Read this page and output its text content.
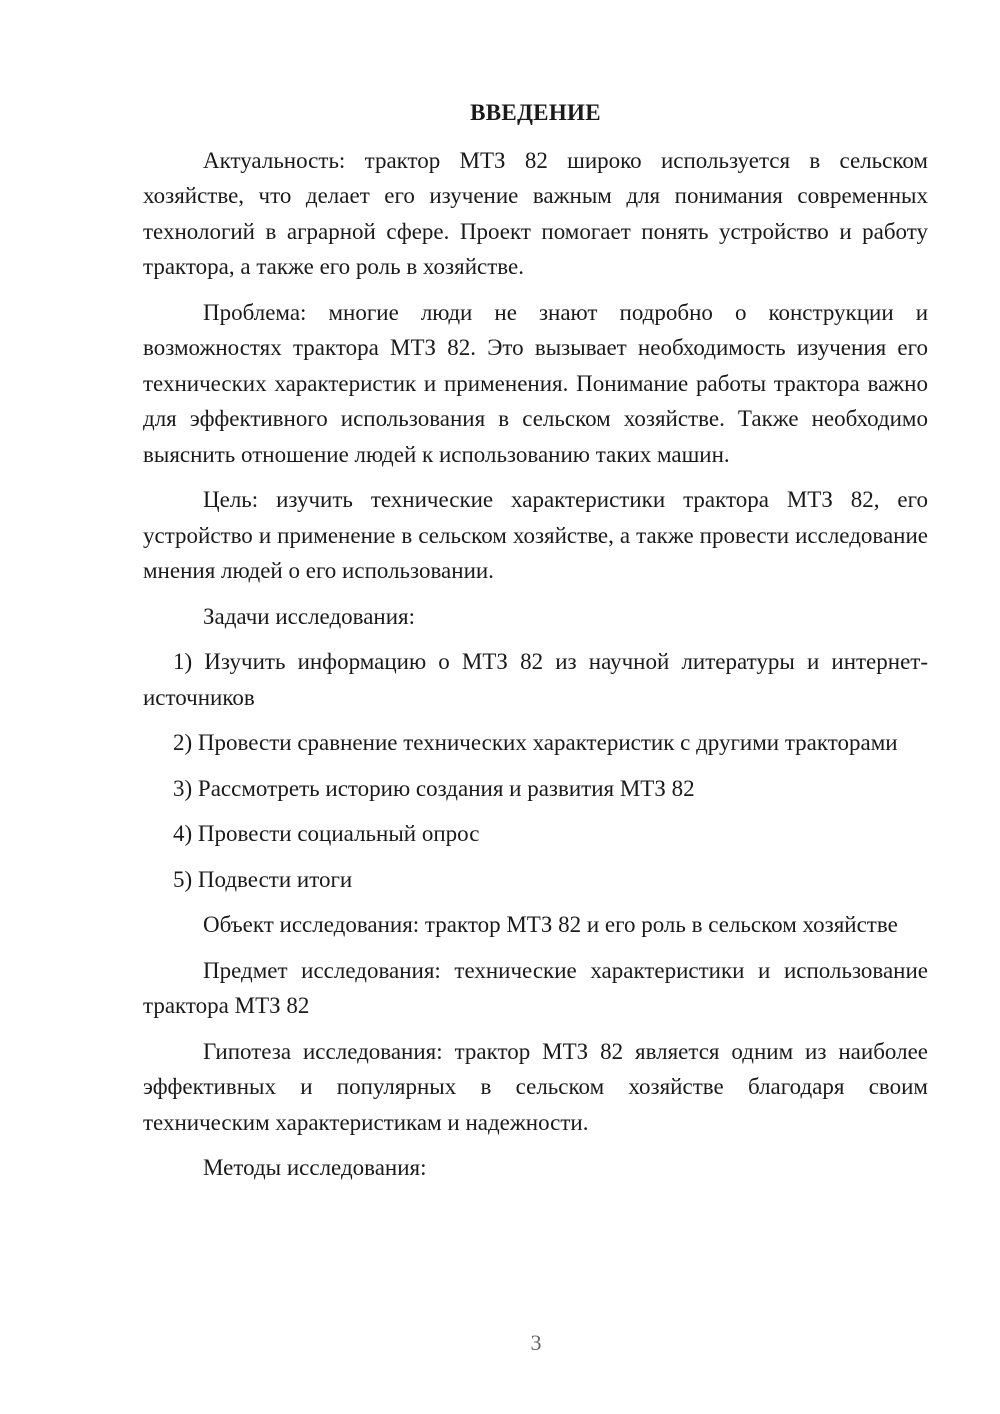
ВВЕДЕНИЕ

Актуальность: трактор МТЗ 82 широко используется в сельском хозяйстве, что делает его изучение важным для понимания современных технологий в аграрной сфере. Проект помогает понять устройство и работу трактора, а также его роль в хозяйстве.

Проблема: многие люди не знают подробно о конструкции и возможностях трактора МТЗ 82. Это вызывает необходимость изучения его технических характеристик и применения. Понимание работы трактора важно для эффективного использования в сельском хозяйстве. Также необходимо выяснить отношение людей к использованию таких машин.

Цель: изучить технические характеристики трактора МТЗ 82, его устройство и применение в сельском хозяйстве, а также провести исследование мнения людей о его использовании.

Задачи исследования:

1) Изучить информацию о МТЗ 82 из научной литературы и интернет-источников

2) Провести сравнение технических характеристик с другими тракторами

3) Рассмотреть историю создания и развития МТЗ 82

4) Провести социальный опрос

5) Подвести итоги

Объект исследования: трактор МТЗ 82 и его роль в сельском хозяйстве

Предмет исследования: технические характеристики и использование трактора МТЗ 82

Гипотеза исследования: трактор МТЗ 82 является одним из наиболее эффективных и популярных в сельском хозяйстве благодаря своим техническим характеристикам и надежности.

Методы исследования:

3
